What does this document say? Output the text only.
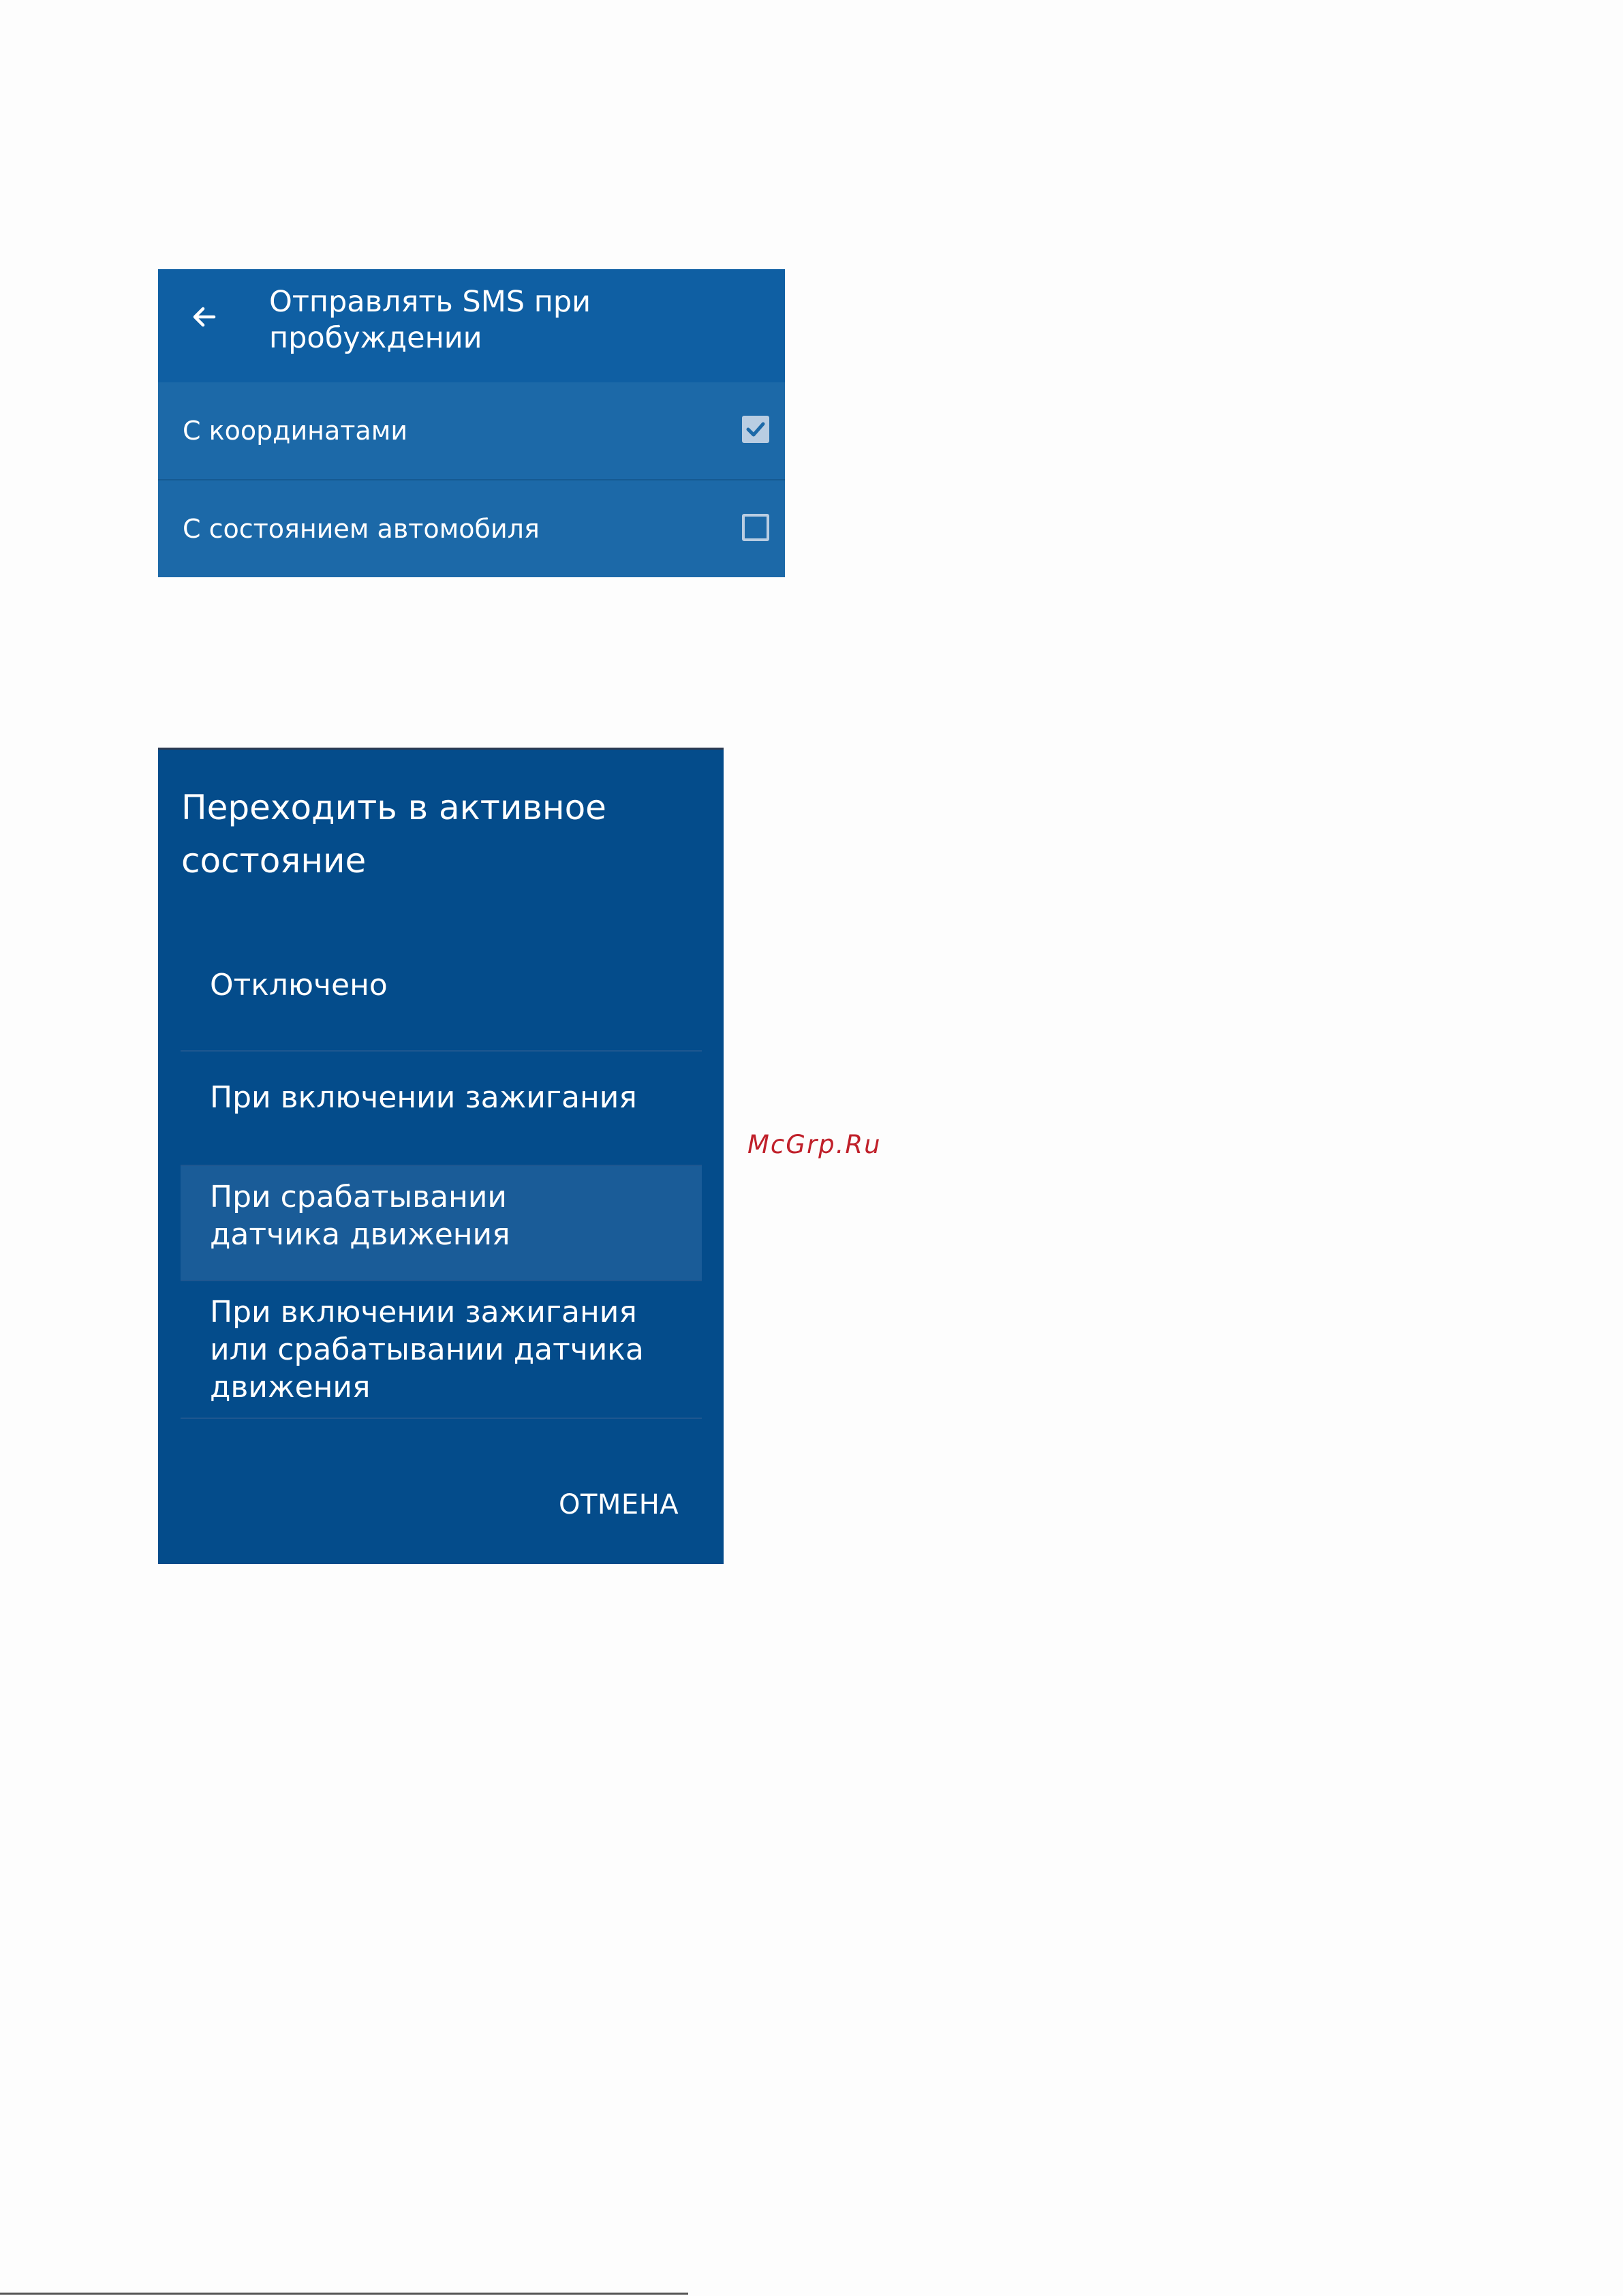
Отправлять SMS при пробуждении
С координатами
С состоянием автомобиля
Переходить в активное состояние
Отключено
При включении зажигания
При срабатывании датчика движения
При включении зажигания или срабатывании датчика движения
ОТМЕНА
McGrp.Ru
